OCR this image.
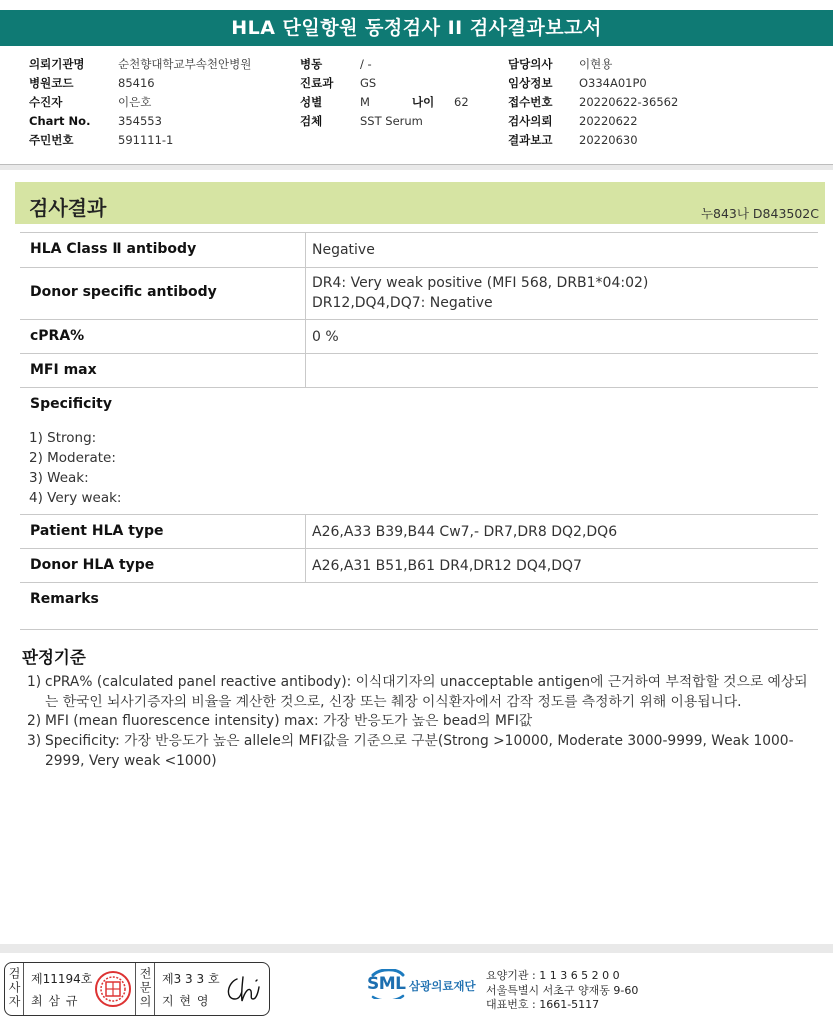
HLA 단일항원 동정검사 II 검사결과보고서
의뢰기관명	순천향대학교부속천안병원
병원코드	85416
수진자	이은호
Chart No.	354553
주민번호	591111-1
병동	/ -
진료과	GS
성별	M	나이	62
검체	SST Serum
담당의사	이현용
임상정보	O334A01P0
접수번호	20220622-36562
검사의뢰	20220622
결과보고	20220630
검사결과	누843나 D843502C
HLA Class Ⅱ antibody	Negative
Donor specific antibody
DR4: Very weak positive (MFI 568, DRB1*04:02)
DR12,DQ4,DQ7: Negative
cPRA%	0 %
MFI max
Specificity
1) Strong:
2) Moderate:
3) Weak:
4) Very weak:
Patient HLA type	A26,A33 B39,B44 Cw7,- DR7,DR8 DQ2,DQ6
Donor HLA type	A26,A31 B51,B61 DR4,DR12 DQ4,DQ7
Remarks
판정기준
1) cPRA% (calculated panel reactive antibody): 이식대기자의 unacceptable antigen에 근거하여 부적합할 것으로 예상되는 한국인 뇌사기증자의 비율을 계산한 것으로, 신장 또는 췌장 이식환자에서 감작 정도를 측정하기 위해 이용됩니다.
2) MFI (mean fluorescence intensity) max: 가장 반응도가 높은 bead의 MFI값
3) Specificity: 가장 반응도가 높은 allele의 MFI값을 기준으로 구분(Strong >10000, Moderate 3000-9999, Weak 1000-2999, Very weak <1000)
검사자 제11194호
최 삼 규	전문의 제3 3 3 호
지 현 영
SML 삼광의료재단
요양기관 : 1 1 3 6 5 2 0 0
서울특별시 서초구 양재동 9-60
대표번호 : 1661-5117
